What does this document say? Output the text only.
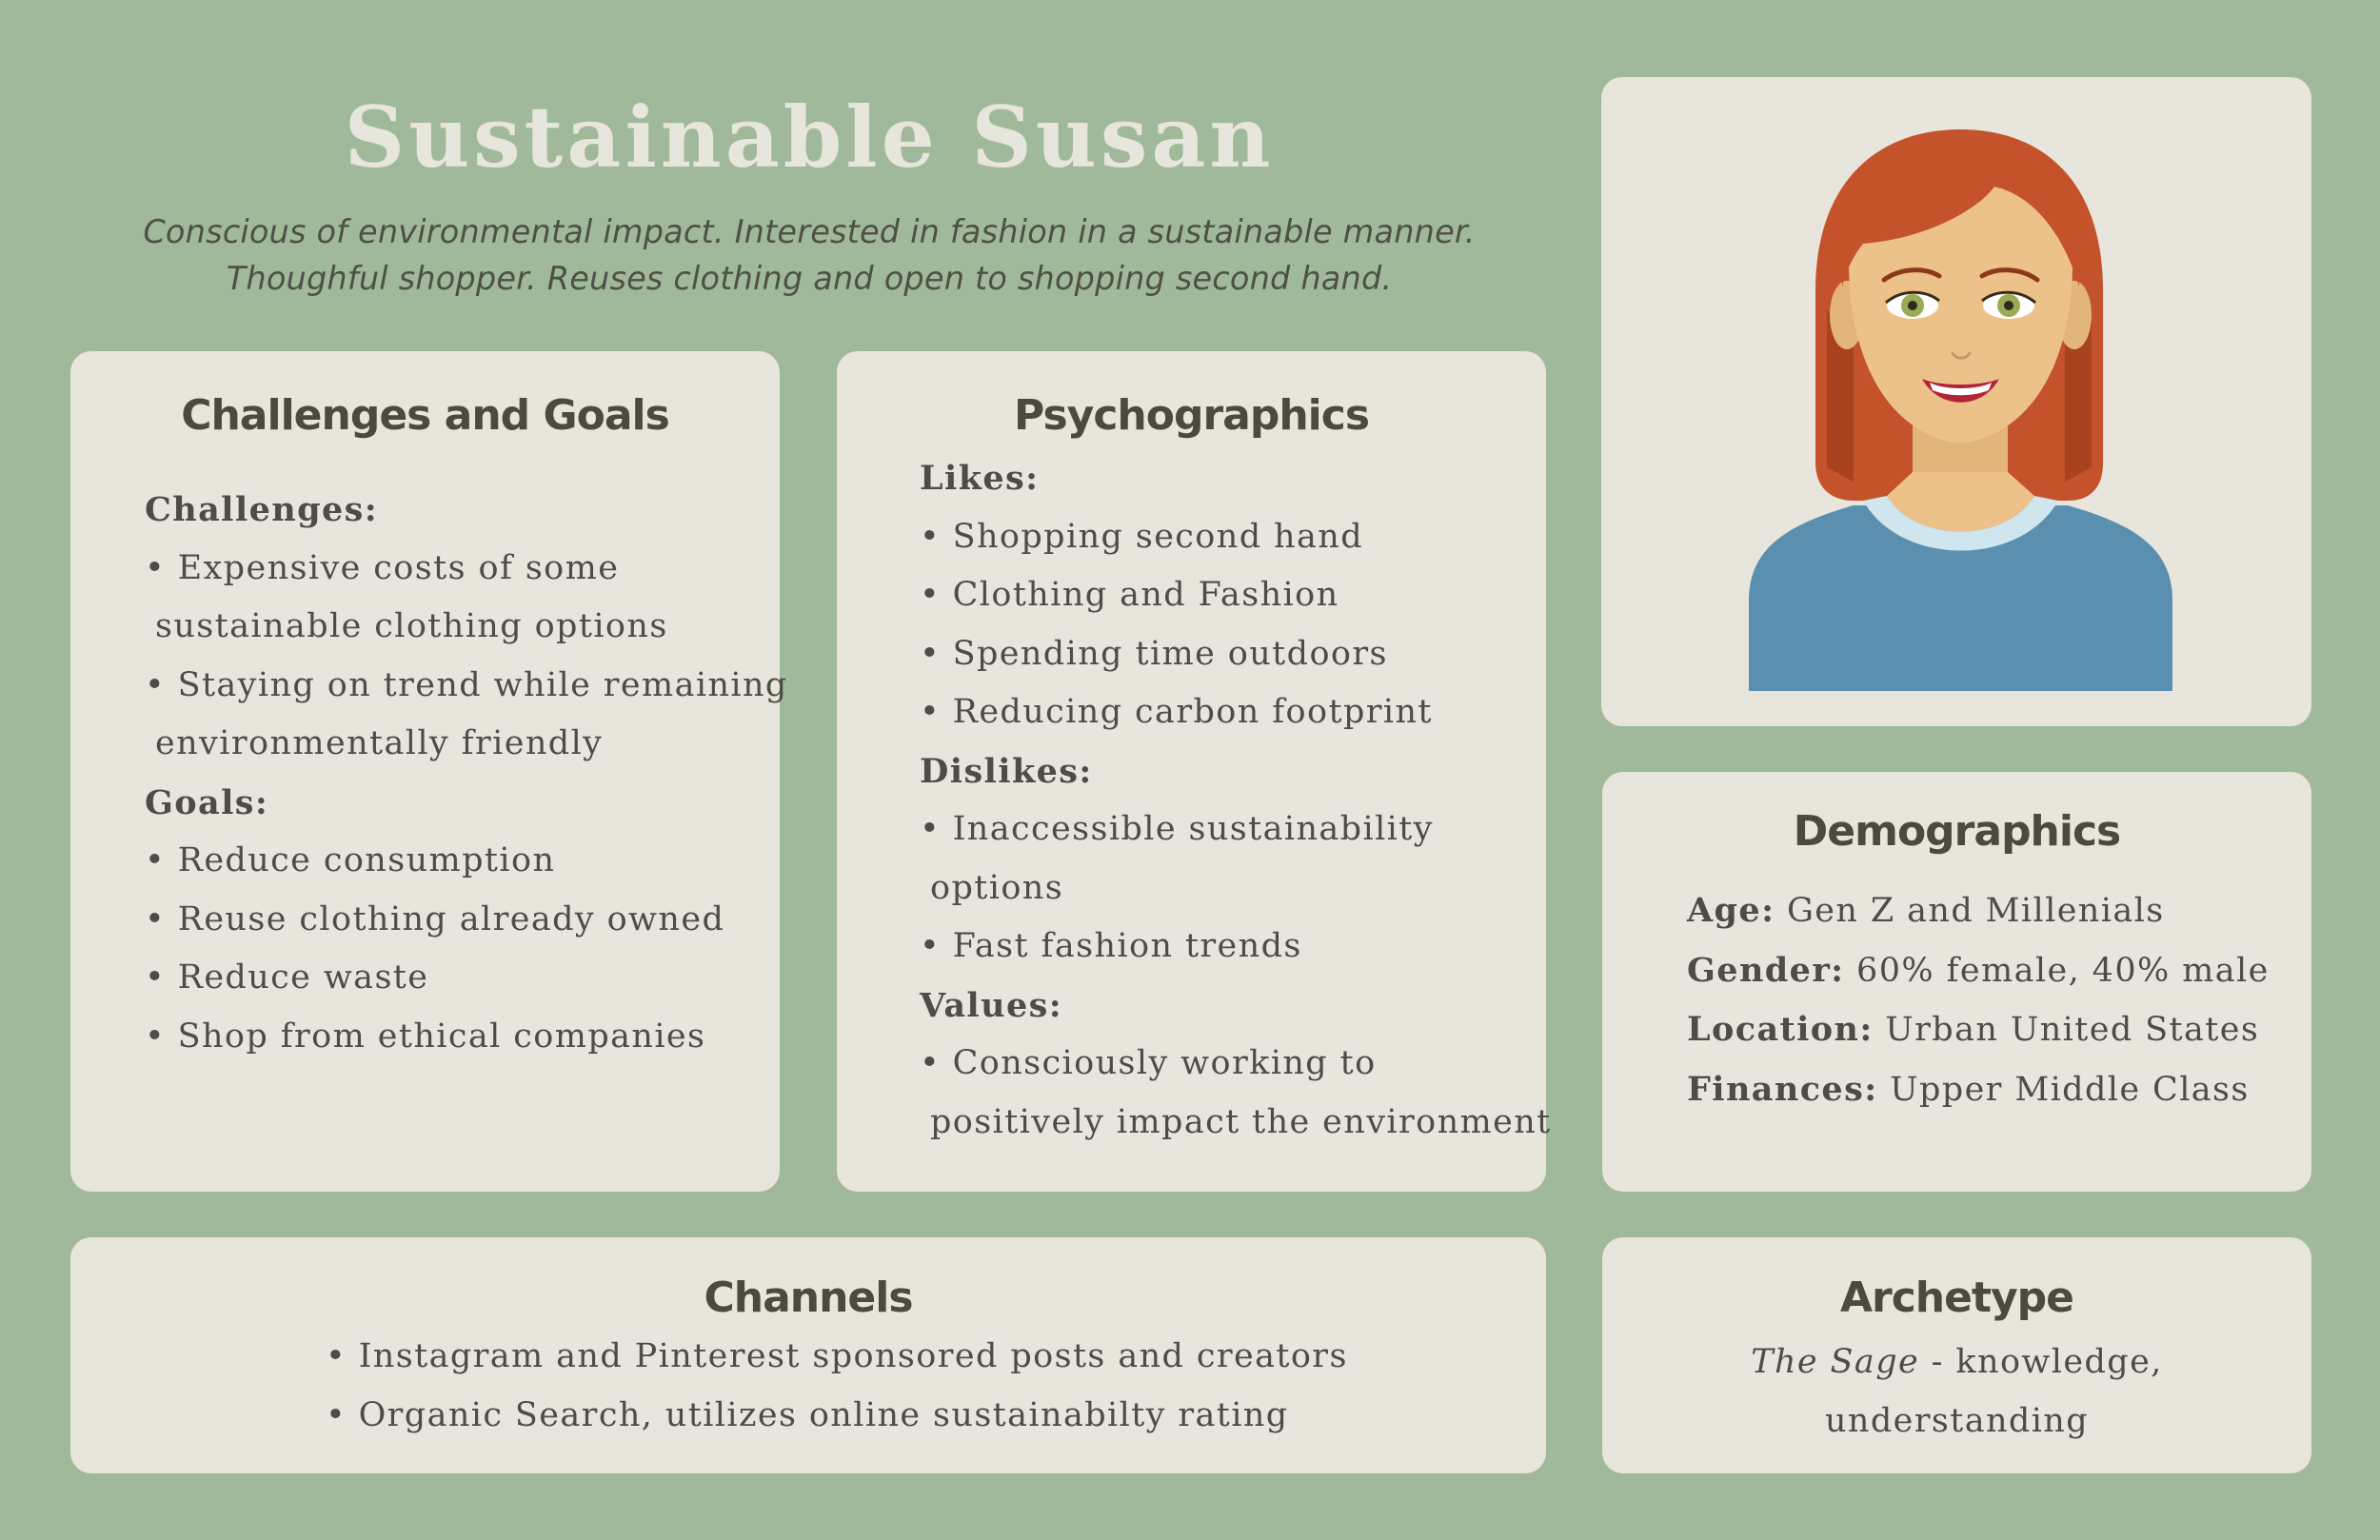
Sustainable Susan
Conscious of environmental impact. Interested in fashion in a sustainable manner.
Thoughful shopper. Reuses clothing and open to shopping second hand.
Challenges and Goals
Challenges:
• Expensive costs of some
sustainable clothing options
• Staying on trend while remaining
environmentally friendly
Goals:
• Reduce consumption
• Reuse clothing already owned
• Reduce waste
• Shop from ethical companies
Psychographics
Likes:
• Shopping second hand
• Clothing and Fashion
• Spending time outdoors
• Reducing carbon footprint
Dislikes:
• Inaccessible sustainability
options
• Fast fashion trends
Values:
• Consciously working to
positively impact the environment
Demographics
Age: Gen Z and Millenials
Gender: 60% female, 40% male
Location: Urban United States
Finances: Upper Middle Class
Channels
• Instagram and Pinterest sponsored posts and creators
• Organic Search, utilizes online sustainabilty rating
Archetype
The Sage - knowledge,
understanding
